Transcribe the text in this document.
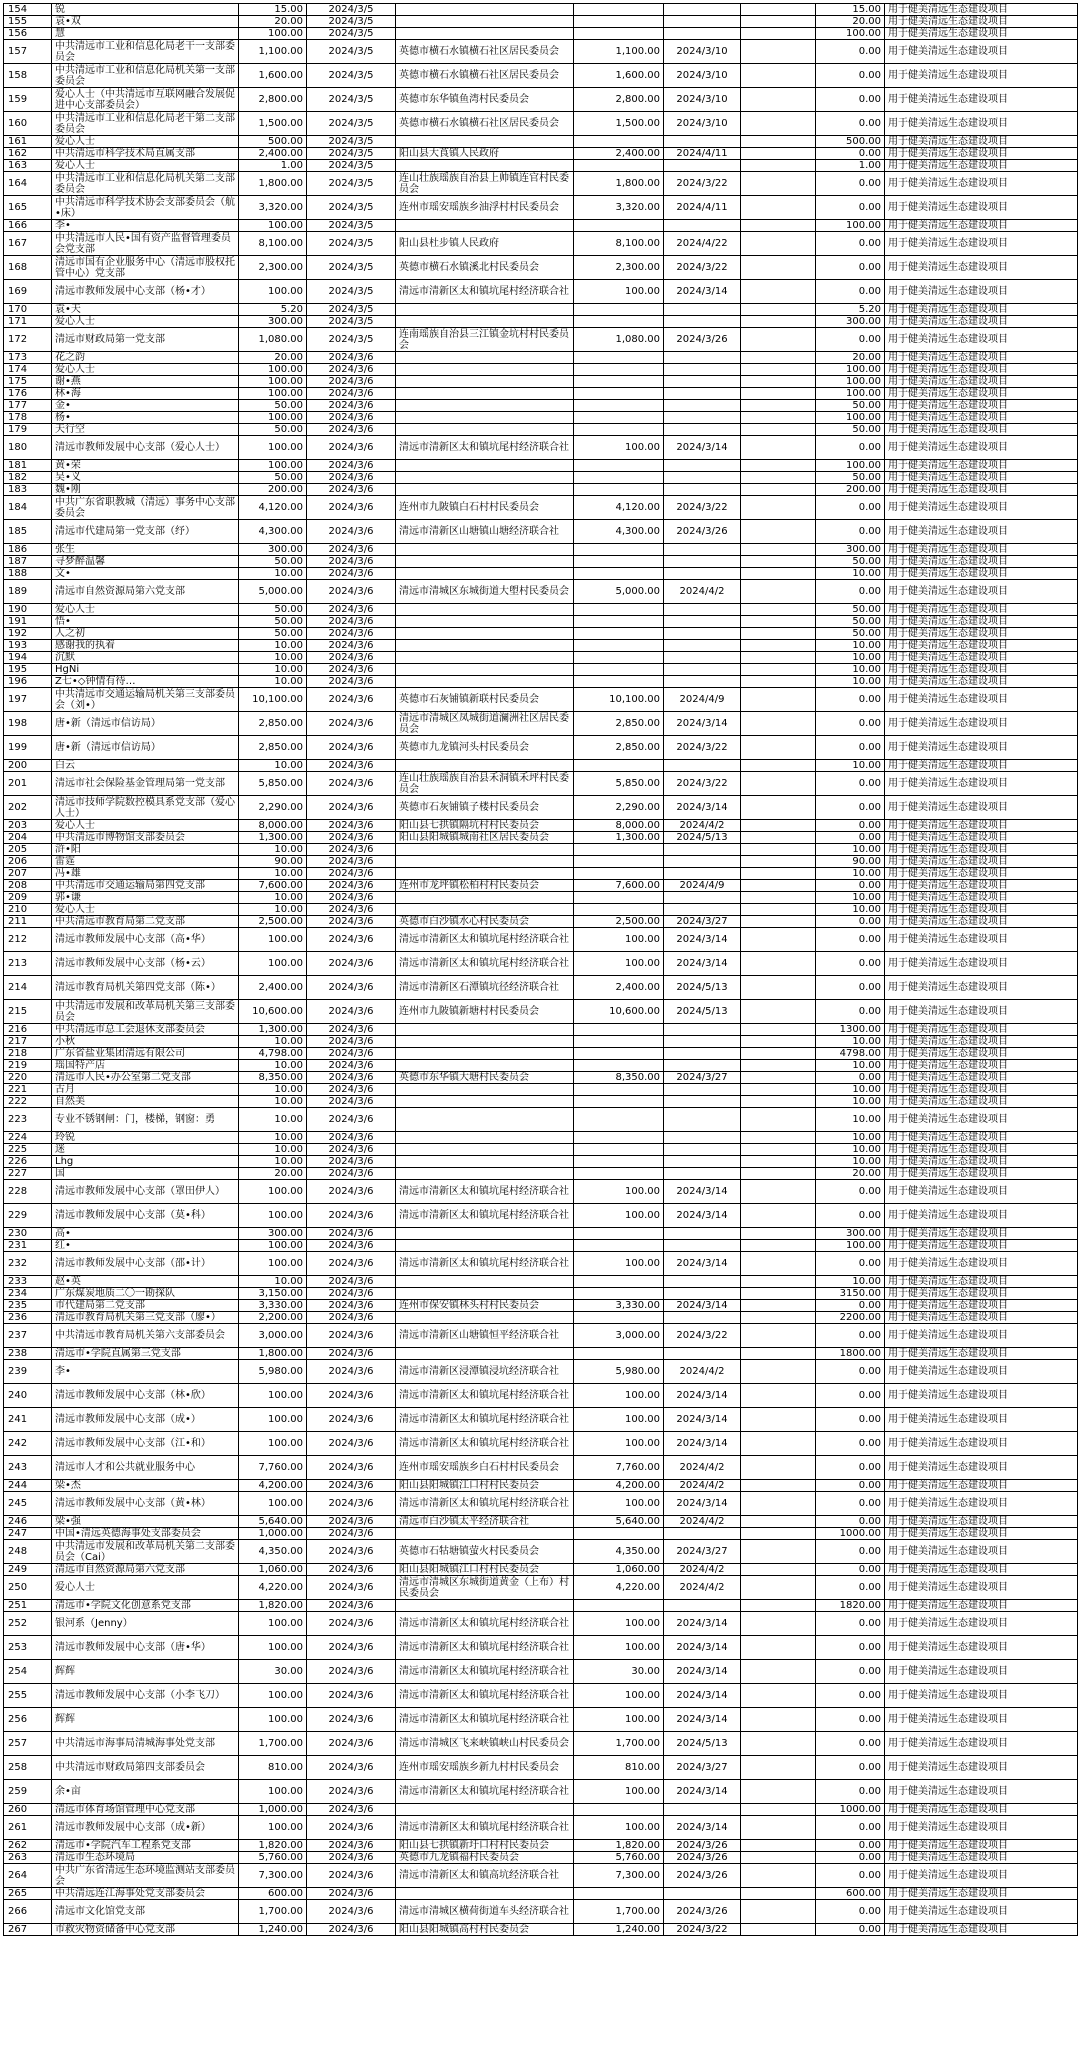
154	锐	15.00	2024/3/5					15.00	用于健美清远生态建设项目
155	袁•双	20.00	2024/3/5					20.00	用于健美清远生态建设项目
156	慧	100.00	2024/3/5					100.00	用于健美清远生态建设项目
157	中共清远市工业和信息化局老干一支部委员会	1,100.00	2024/3/5	英德市横石水镇横石社区居民委员会	1,100.00	2024/3/10		0.00	用于健美清远生态建设项目
158	中共清远市工业和信息化局机关第一支部委员会	1,600.00	2024/3/5	英德市横石水镇横石社区居民委员会	1,600.00	2024/3/10		0.00	用于健美清远生态建设项目
159	爱心人士（中共清远市互联网融合发展促进中心支部委员会）	2,800.00	2024/3/5	英德市东华镇鱼湾村民委员会	2,800.00	2024/3/10		0.00	用于健美清远生态建设项目
160	中共清远市工业和信息化局老干第二支部委员会	1,500.00	2024/3/5	英德市横石水镇横石社区居民委员会	1,500.00	2024/3/10		0.00	用于健美清远生态建设项目
161	爱心人士	500.00	2024/3/5					500.00	用于健美清远生态建设项目
162	中共清远市科学技术局直属支部	2,400.00	2024/3/5	阳山县大莨镇人民政府	2,400.00	2024/4/11		0.00	用于健美清远生态建设项目
163	爱心人士	1.00	2024/3/5					1.00	用于健美清远生态建设项目
164	中共清远市工业和信息化局机关第二支部委员会	1,800.00	2024/3/5	连山壮族瑶族自治县上帅镇连官村民委员会	1,800.00	2024/3/22		0.00	用于健美清远生态建设项目
165	中共清远市科学技术协会支部委员会（航•床）	3,320.00	2024/3/5	连州市瑶安瑶族乡油浮村村民委员会	3,320.00	2024/4/11		0.00	用于健美清远生态建设项目
166	李•	100.00	2024/3/5					100.00	用于健美清远生态建设项目
167	中共清远市人民•国有资产监督管理委员会党支部	8,100.00	2024/3/5	阳山县杜步镇人民政府	8,100.00	2024/4/22		0.00	用于健美清远生态建设项目
168	清远市国有企业服务中心（清远市股权托管中心）党支部	2,300.00	2024/3/5	英德市横石水镇溪北村民委员会	2,300.00	2024/3/22		0.00	用于健美清远生态建设项目
169	清远市教师发展中心支部（杨•才）	100.00	2024/3/5	清远市清新区太和镇坑尾村经济联合社	100.00	2024/3/14		0.00	用于健美清远生态建设项目
170	袁•天	5.20	2024/3/5					5.20	用于健美清远生态建设项目
171	爱心人士	300.00	2024/3/5					300.00	用于健美清远生态建设项目
172	清远市财政局第一党支部	1,080.00	2024/3/5	连南瑶族自治县三江镇金坑村村民委员会	1,080.00	2024/3/26		0.00	用于健美清远生态建设项目
173	花之韵	20.00	2024/3/6					20.00	用于健美清远生态建设项目
174	爱心人士	100.00	2024/3/6					100.00	用于健美清远生态建设项目
175	谢•燕	100.00	2024/3/6					100.00	用于健美清远生态建设项目
176	林•海	100.00	2024/3/6					100.00	用于健美清远生态建设项目
177	金•	50.00	2024/3/6					50.00	用于健美清远生态建设项目
178	杨•	100.00	2024/3/6					100.00	用于健美清远生态建设项目
179	天行空	50.00	2024/3/6					50.00	用于健美清远生态建设项目
180	清远市教师发展中心支部（爱心人士）	100.00	2024/3/6	清远市清新区太和镇坑尾村经济联合社	100.00	2024/3/14		0.00	用于健美清远生态建设项目
181	黄•荣	100.00	2024/3/6					100.00	用于健美清远生态建设项目
182	吴•义	50.00	2024/3/6					50.00	用于健美清远生态建设项目
183	魏•刚	200.00	2024/3/6					200.00	用于健美清远生态建设项目
184	中共广东省职教城（清远）事务中心支部委员会	4,120.00	2024/3/6	连州市九陂镇白石村村民委员会	4,120.00	2024/3/22		0.00	用于健美清远生态建设项目
185	清远市代建局第一党支部（纾）	4,300.00	2024/3/6	清远市清新区山塘镇山塘经济联合社	4,300.00	2024/3/26		0.00	用于健美清远生态建设项目
186	张生	300.00	2024/3/6					300.00	用于健美清远生态建设项目
187	寻梦醉温馨	50.00	2024/3/6					50.00	用于健美清远生态建设项目
188	文•	10.00	2024/3/6					10.00	用于健美清远生态建设项目
189	清远市自然资源局第六党支部	5,000.00	2024/3/6	清远市清城区东城街道大塱村民委员会	5,000.00	2024/4/2		0.00	用于健美清远生态建设项目
190	爱心人士	50.00	2024/3/6					50.00	用于健美清远生态建设项目
191	悟•	50.00	2024/3/6					50.00	用于健美清远生态建设项目
192	人之初	50.00	2024/3/6					50.00	用于健美清远生态建设项目
193	感谢我的执着	10.00	2024/3/6					10.00	用于健美清远生态建设项目
194	沉默	10.00	2024/3/6					10.00	用于健美清远生态建设项目
195	HgNi	10.00	2024/3/6					10.00	用于健美清远生态建设项目
196	Z七•◇钟情有待…	10.00	2024/3/6					10.00	用于健美清远生态建设项目
197	中共清远市交通运输局机关第三支部委员会（刘•）	10,100.00	2024/3/6	英德市石灰铺镇新联村民委员会	10,100.00	2024/4/9		0.00	用于健美清远生态建设项目
198	唐•新（清远市信访局）	2,850.00	2024/3/6	清远市清城区凤城街道澜洲社区居民委员会	2,850.00	2024/3/14		0.00	用于健美清远生态建设项目
199	唐•新（清远市信访局）	2,850.00	2024/3/6	英德市九龙镇河头村民委员会	2,850.00	2024/3/22		0.00	用于健美清远生态建设项目
200	白云	10.00	2024/3/6					10.00	用于健美清远生态建设项目
201	清远市社会保险基金管理局第一党支部	5,850.00	2024/3/6	连山壮族瑶族自治县禾洞镇禾坪村民委员会	5,850.00	2024/3/22		0.00	用于健美清远生态建设项目
202	清远市技师学院数控模具系党支部（爱心人士）	2,290.00	2024/3/6	英德市石灰铺镇子楼村民委员会	2,290.00	2024/3/14		0.00	用于健美清远生态建设项目
203	爱心人士	8,000.00	2024/3/6	阳山县七拱镇隔坑村村民委员会	8,000.00	2024/4/2		0.00	用于健美清远生态建设项目
204	中共清远市博物馆支部委员会	1,300.00	2024/3/6	阳山县阳城镇城南社区居民委员会	1,300.00	2024/5/13		0.00	用于健美清远生态建设项目
205	浒•阳	10.00	2024/3/6					10.00	用于健美清远生态建设项目
206	雷霆	90.00	2024/3/6					90.00	用于健美清远生态建设项目
207	冯•雄	10.00	2024/3/6					10.00	用于健美清远生态建设项目
208	中共清远市交通运输局第四党支部	7,600.00	2024/3/6	连州市龙坪镇松柏村村民委员会	7,600.00	2024/4/9		0.00	用于健美清远生态建设项目
209	郭•谦	10.00	2024/3/6					10.00	用于健美清远生态建设项目
210	爱心人士	10.00	2024/3/6					10.00	用于健美清远生态建设项目
211	中共清远市教育局第二党支部	2,500.00	2024/3/6	英德市白沙镇水心村民委员会	2,500.00	2024/3/27		0.00	用于健美清远生态建设项目
212	清远市教师发展中心支部（高•华）	100.00	2024/3/6	清远市清新区太和镇坑尾村经济联合社	100.00	2024/3/14		0.00	用于健美清远生态建设项目
213	清远市教师发展中心支部（杨•云）	100.00	2024/3/6	清远市清新区太和镇坑尾村经济联合社	100.00	2024/3/14		0.00	用于健美清远生态建设项目
214	清远市教育局机关第四党支部（陈•）	2,400.00	2024/3/6	清远市清新区石潭镇坑径经济联合社	2,400.00	2024/5/13		0.00	用于健美清远生态建设项目
215	中共清远市发展和改革局机关第三支部委员会	10,600.00	2024/3/6	连州市九陂镇新塘村村民委员会	10,600.00	2024/5/13		0.00	用于健美清远生态建设项目
216	中共清远市总工会退休支部委员会	1,300.00	2024/3/6					1300.00	用于健美清远生态建设项目
217	小秋	10.00	2024/3/6					10.00	用于健美清远生态建设项目
218	广东省盐业集团清远有限公司	4,798.00	2024/3/6					4798.00	用于健美清远生态建设项目
219	瑶国特产店	10.00	2024/3/6					10.00	用于健美清远生态建设项目
220	清远市人民•办公室第二党支部	8,350.00	2024/3/6	英德市东华镇大塘村民委员会	8,350.00	2024/3/27		0.00	用于健美清远生态建设项目
221	古月	10.00	2024/3/6					10.00	用于健美清远生态建设项目
222	自然美	10.00	2024/3/6					10.00	用于健美清远生态建设项目
223	专业不锈钢闸：门，楼梯，钢窗：勇	10.00	2024/3/6					10.00	用于健美清远生态建设项目
224	玲锐	10.00	2024/3/6					10.00	用于健美清远生态建设项目
225	迷	10.00	2024/3/6					10.00	用于健美清远生态建设项目
226	Lhg	10.00	2024/3/6					10.00	用于健美清远生态建设项目
227	国	20.00	2024/3/6					20.00	用于健美清远生态建设项目
228	清远市教师发展中心支部（罩田伊人）	100.00	2024/3/6	清远市清新区太和镇坑尾村经济联合社	100.00	2024/3/14		0.00	用于健美清远生态建设项目
229	清远市教师发展中心支部（莫•科）	100.00	2024/3/6	清远市清新区太和镇坑尾村经济联合社	100.00	2024/3/14		0.00	用于健美清远生态建设项目
230	高•	300.00	2024/3/6					300.00	用于健美清远生态建设项目
231	红•	100.00	2024/3/6					100.00	用于健美清远生态建设项目
232	清远市教师发展中心支部（邵•计）	100.00	2024/3/6	清远市清新区太和镇坑尾村经济联合社	100.00	2024/3/14		0.00	用于健美清远生态建设项目
233	赵•英	10.00	2024/3/6					10.00	用于健美清远生态建设项目
234	广东煤炭地质二〇一勘探队	3,150.00	2024/3/6					3150.00	用于健美清远生态建设项目
235	市代建局第二党支部	3,330.00	2024/3/6	连州市保安镇林头村村民委员会	3,330.00	2024/3/14		0.00	用于健美清远生态建设项目
236	清远市教育局机关第三党支部（廖•）	2,200.00	2024/3/6					2200.00	用于健美清远生态建设项目
237	中共清远市教育局机关第六支部委员会	3,000.00	2024/3/6	清远市清新区山塘镇恒平经济联合社	3,000.00	2024/3/22		0.00	用于健美清远生态建设项目
238	清远市•学院直属第三党支部	1,800.00	2024/3/6					1800.00	用于健美清远生态建设项目
239	李•	5,980.00	2024/3/6	清远市清新区浸潭镇浸坑经济联合社	5,980.00	2024/4/2		0.00	用于健美清远生态建设项目
240	清远市教师发展中心支部（林•欣）	100.00	2024/3/6	清远市清新区太和镇坑尾村经济联合社	100.00	2024/3/14		0.00	用于健美清远生态建设项目
241	清远市教师发展中心支部（成•）	100.00	2024/3/6	清远市清新区太和镇坑尾村经济联合社	100.00	2024/3/14		0.00	用于健美清远生态建设项目
242	清远市教师发展中心支部（江•和）	100.00	2024/3/6	清远市清新区太和镇坑尾村经济联合社	100.00	2024/3/14		0.00	用于健美清远生态建设项目
243	清远市人才和公共就业服务中心	7,760.00	2024/3/6	连州市瑶安瑶族乡白石村村民委员会	7,760.00	2024/4/2		0.00	用于健美清远生态建设项目
244	梁•杰	4,200.00	2024/3/6	阳山县阳城镇江口村村民委员会	4,200.00	2024/4/2		0.00	用于健美清远生态建设项目
245	清远市教师发展中心支部（黄•林）	100.00	2024/3/6	清远市清新区太和镇坑尾村经济联合社	100.00	2024/3/14		0.00	用于健美清远生态建设项目
246	梁•强	5,640.00	2024/3/6	清远市白沙镇太平经济联合社	5,640.00	2024/4/2		0.00	用于健美清远生态建设项目
247	中国•清远英德海事处支部委员会	1,000.00	2024/3/6					1000.00	用于健美清远生态建设项目
248	中共清远市发展和改革局机关第二支部委员会（Cai）	4,350.00	2024/3/6	英德市石牯塘镇萤火村民委员会	4,350.00	2024/3/27		0.00	用于健美清远生态建设项目
249	清远市自然资源局第六党支部	1,060.00	2024/3/6	阳山县阳城镇江口村村民委员会	1,060.00	2024/4/2		0.00	用于健美清远生态建设项目
250	爱心人士	4,220.00	2024/3/6	清远市清城区东城街道黄金（上布）村民委员会	4,220.00	2024/4/2		0.00	用于健美清远生态建设项目
251	清远市•学院文化创意系党支部	1,820.00	2024/3/6					1820.00	用于健美清远生态建设项目
252	银河系（Jenny）	100.00	2024/3/6	清远市清新区太和镇坑尾村经济联合社	100.00	2024/3/14		0.00	用于健美清远生态建设项目
253	清远市教师发展中心支部（唐•华）	100.00	2024/3/6	清远市清新区太和镇坑尾村经济联合社	100.00	2024/3/14		0.00	用于健美清远生态建设项目
254	辉辉	30.00	2024/3/6	清远市清新区太和镇坑尾村经济联合社	30.00	2024/3/14		0.00	用于健美清远生态建设项目
255	清远市教师发展中心支部（小李飞刀）	100.00	2024/3/6	清远市清新区太和镇坑尾村经济联合社	100.00	2024/3/14		0.00	用于健美清远生态建设项目
256	辉辉	100.00	2024/3/6	清远市清新区太和镇坑尾村经济联合社	100.00	2024/3/14		0.00	用于健美清远生态建设项目
257	中共清远市海事局清城海事处党支部	1,700.00	2024/3/6	清远市清城区飞来峡镇峡山村民委员会	1,700.00	2024/5/13		0.00	用于健美清远生态建设项目
258	中共清远市财政局第四支部委员会	810.00	2024/3/6	连州市瑶安瑶族乡新九村村民委员会	810.00	2024/3/27		0.00	用于健美清远生态建设项目
259	余•亩	100.00	2024/3/6	清远市清新区太和镇坑尾村经济联合社	100.00	2024/3/14		0.00	用于健美清远生态建设项目
260	清远市体育场馆管理中心党支部	1,000.00	2024/3/6					1000.00	用于健美清远生态建设项目
261	清远市教师发展中心支部（成•新）	100.00	2024/3/6	清远市清新区太和镇坑尾村经济联合社	100.00	2024/3/14		0.00	用于健美清远生态建设项目
262	清远市•学院汽车工程系党支部	1,820.00	2024/3/6	阳山县七拱镇新圩口村村民委员会	1,820.00	2024/3/26		0.00	用于健美清远生态建设项目
263	清远市生态环境局	5,760.00	2024/3/6	英德市九龙镇福村民委员会	5,760.00	2024/3/26		0.00	用于健美清远生态建设项目
264	中共广东省清远生态环境监测站支部委员会	7,300.00	2024/3/6	清远市清新区太和镇高坑经济联合社	7,300.00	2024/3/26		0.00	用于健美清远生态建设项目
265	中共清远连江海事处党支部委员会	600.00	2024/3/6					600.00	用于健美清远生态建设项目
266	清远市文化馆党支部	1,700.00	2024/3/6	清远市清城区横荷街道车头经济联合社	1,700.00	2024/3/26		0.00	用于健美清远生态建设项目
267	市救灾物资储备中心党支部	1,240.00	2024/3/6	阳山县阳城镇高村村民委员会	1,240.00	2024/3/22		0.00	用于健美清远生态建设项目
